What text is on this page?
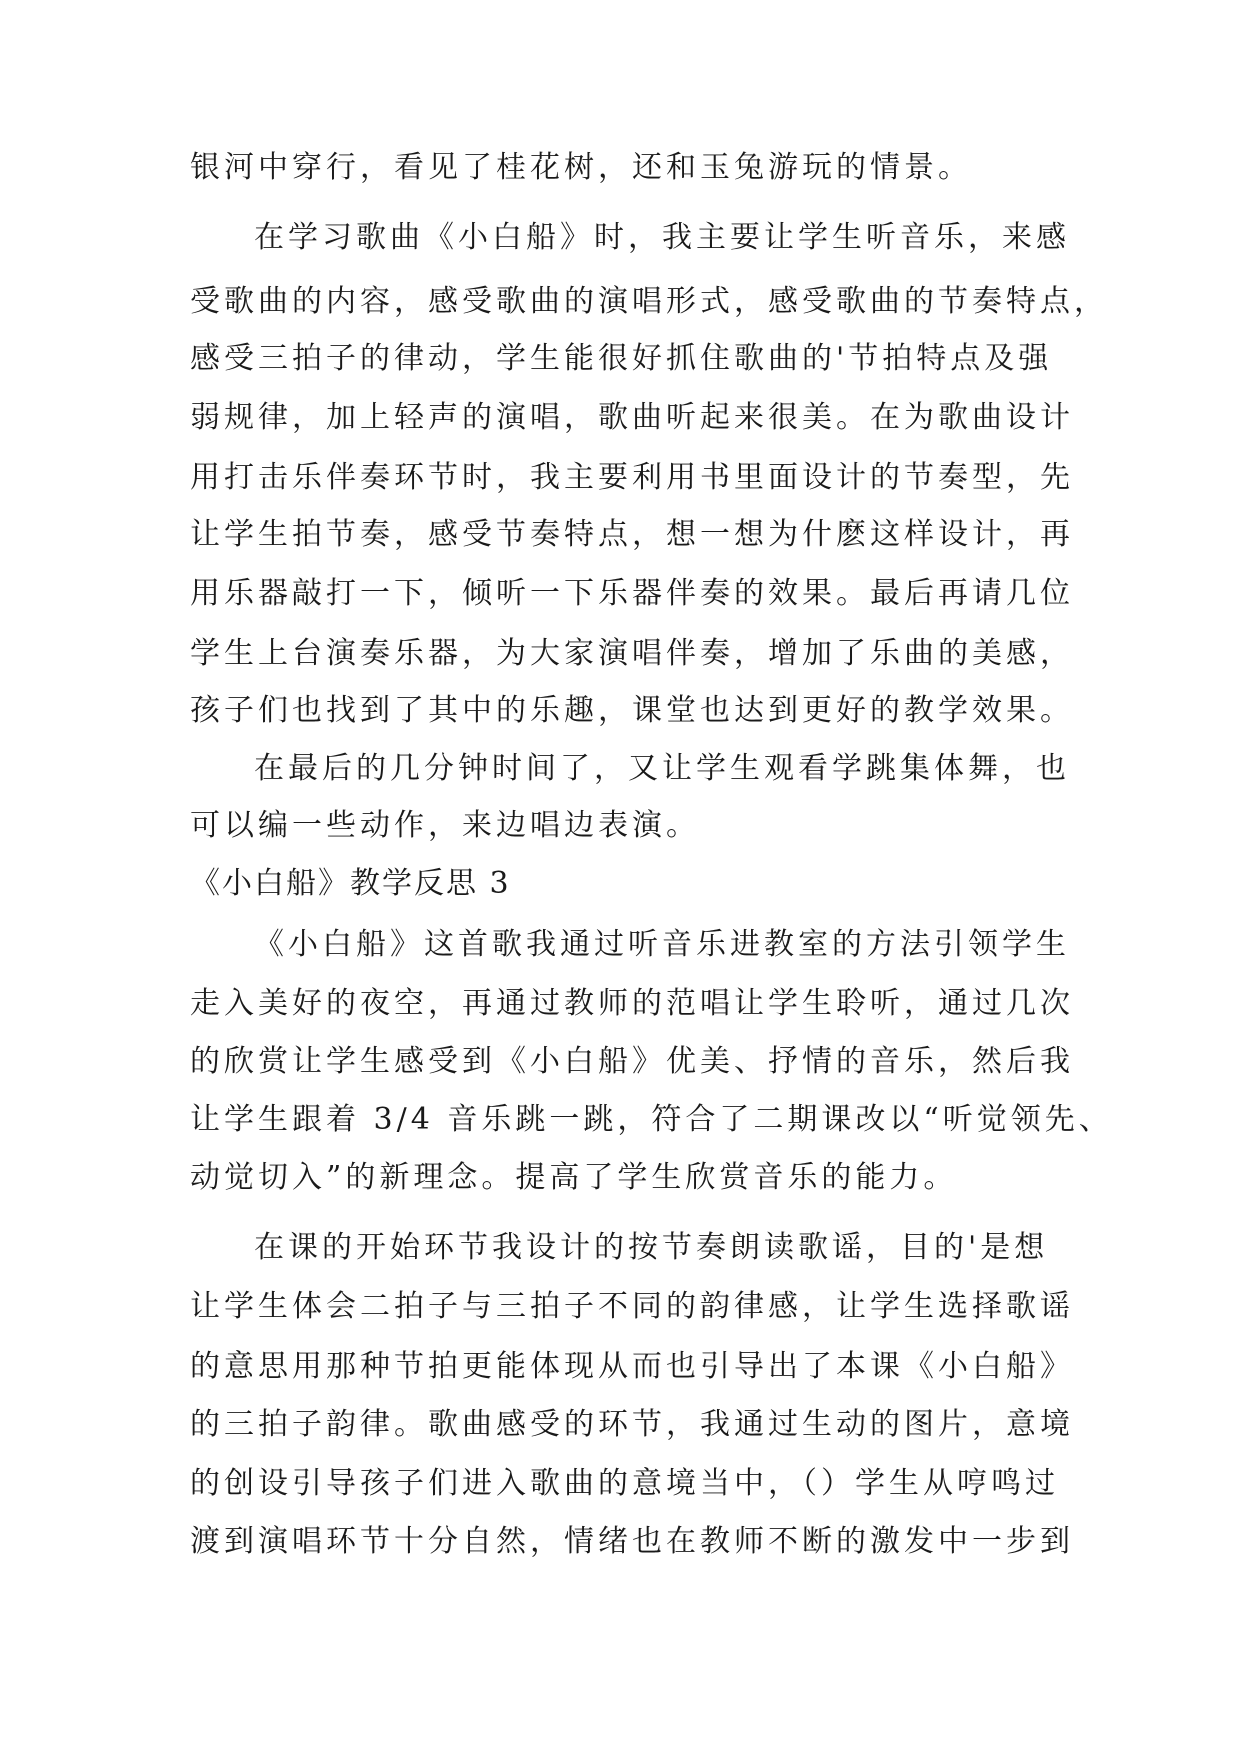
银河中穿行，看见了桂花树，还和玉兔游玩的情景。
在学习歌曲《小白船》时，我主要让学生听音乐，来感
受歌曲的内容，感受歌曲的演唱形式，感受歌曲的节奏特点，
感受三拍子的律动，学生能很好抓住歌曲的'节拍特点及强
弱规律，加上轻声的演唱，歌曲听起来很美。在为歌曲设计
用打击乐伴奏环节时，我主要利用书里面设计的节奏型，先
让学生拍节奏，感受节奏特点，想一想为什麽这样设计，再
用乐器敲打一下，倾听一下乐器伴奏的效果。最后再请几位
学生上台演奏乐器，为大家演唱伴奏，增加了乐曲的美感，
孩子们也找到了其中的乐趣，课堂也达到更好的教学效果。
在最后的几分钟时间了，又让学生观看学跳集体舞，也
可以编一些动作，来边唱边表演。
《小白船》教学反思 3
《小白船》这首歌我通过听音乐进教室的方法引领学生
走入美好的夜空，再通过教师的范唱让学生聆听，通过几次
的欣赏让学生感受到《小白船》优美、抒情的音乐，然后我
让学生跟着 3/4 音乐跳一跳，符合了二期课改以“听觉领先、
动觉切入”的新理念。提高了学生欣赏音乐的能力。
在课的开始环节我设计的按节奏朗读歌谣，目的'是想
让学生体会二拍子与三拍子不同的韵律感，让学生选择歌谣
的意思用那种节拍更能体现从而也引导出了本课《小白船》
的三拍子韵律。歌曲感受的环节，我通过生动的图片，意境
的创设引导孩子们进入歌曲的意境当中，（）学生从哼鸣过
渡到演唱环节十分自然，情绪也在教师不断的激发中一步到
